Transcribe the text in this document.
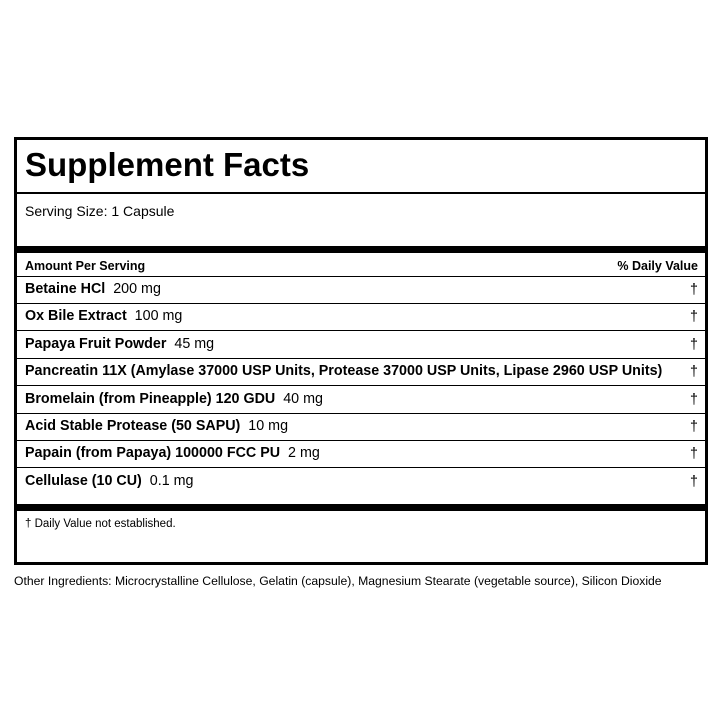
Supplement Facts
Serving Size: 1 Capsule
Amount Per Serving	% Daily Value
Betaine HCl 200 mg	†
Ox Bile Extract 100 mg	†
Papaya Fruit Powder 45 mg	†
Pancreatin 11X (Amylase 37000 USP Units, Protease 37000 USP Units, Lipase 2960 USP Units)	†
Bromelain (from Pineapple) 120 GDU 40 mg	†
Acid Stable Protease (50 SAPU) 10 mg	†
Papain (from Papaya) 100000 FCC PU 2 mg	†
Cellulase (10 CU) 0.1 mg	†
† Daily Value not established.
Other Ingredients: Microcrystalline Cellulose, Gelatin (capsule), Magnesium Stearate (vegetable source), Silicon Dioxide
